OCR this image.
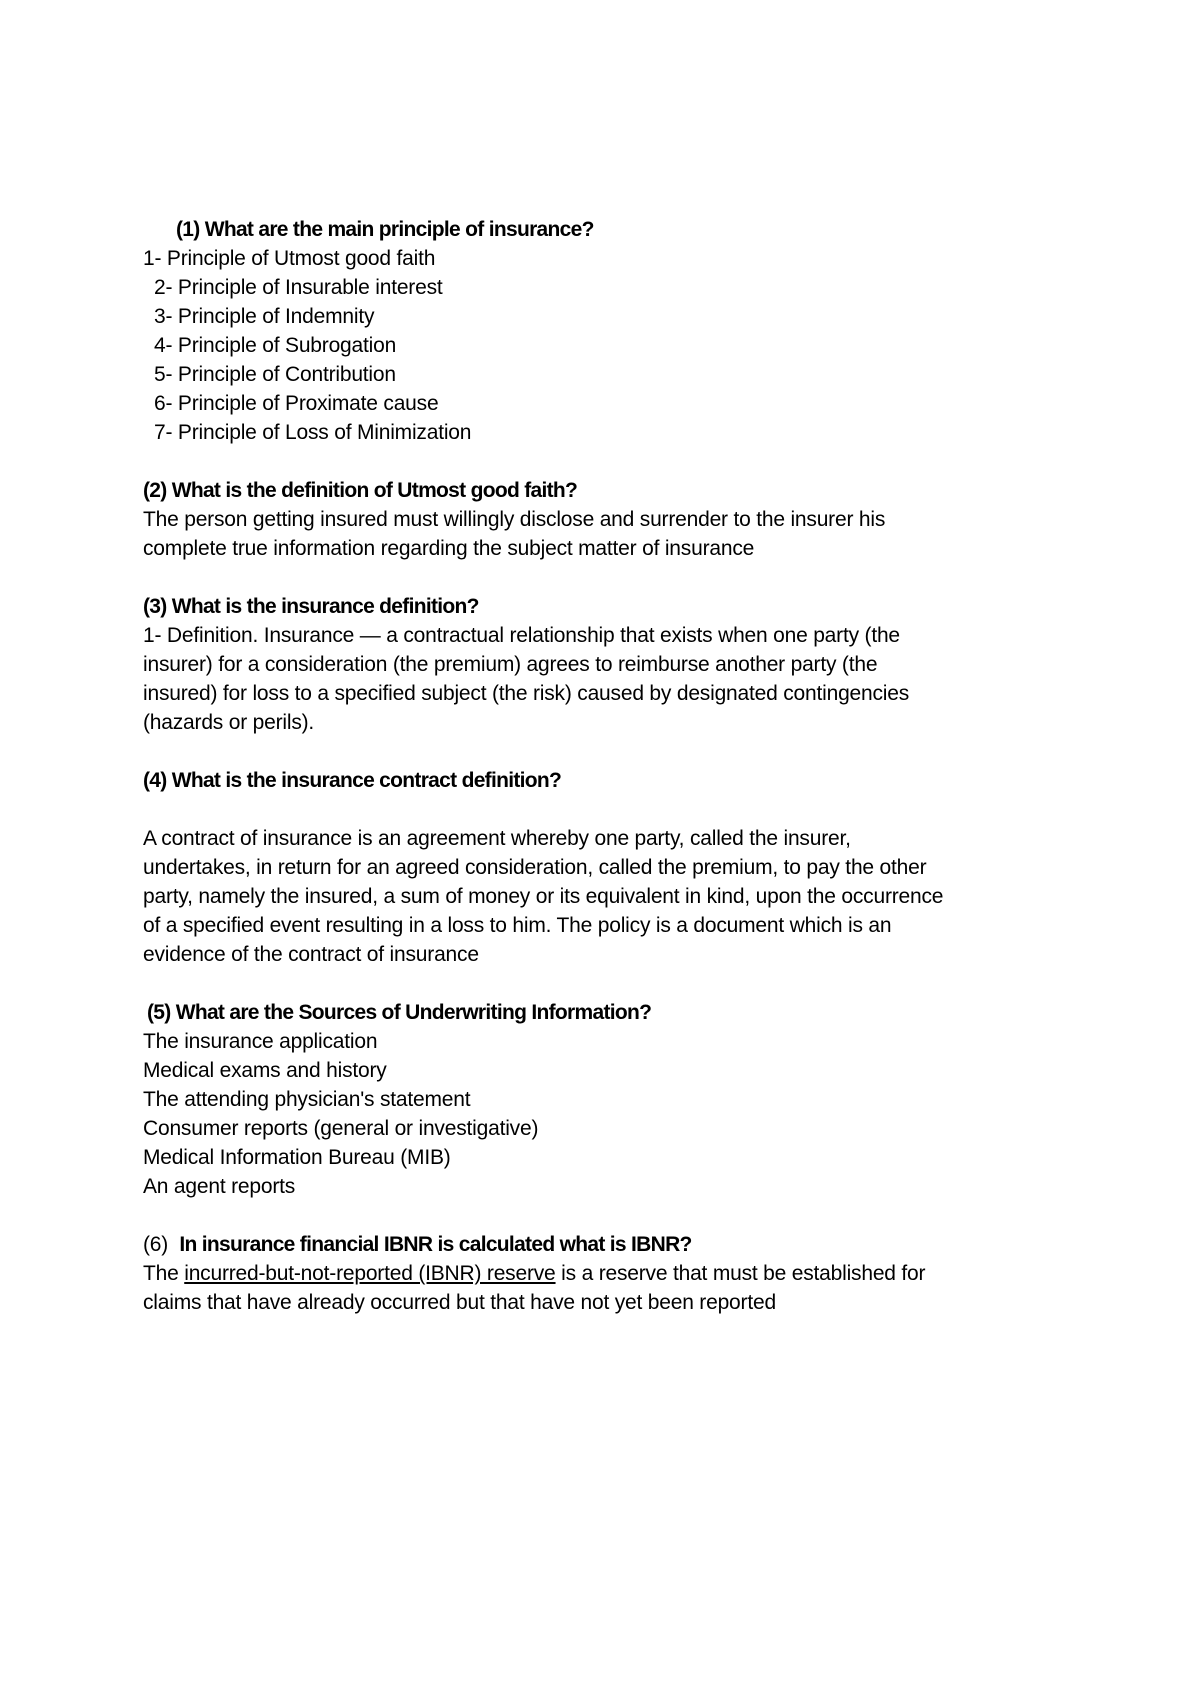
(1) What are the main principle of insurance?

1- Principle of Utmost good faith

2- Principle of Insurable interest

3- Principle of Indemnity

4- Principle of Subrogation

5- Principle of Contribution

6- Principle of Proximate cause

7- Principle of Loss of Minimization

(2) What is the definition of Utmost good faith?

The person getting insured must willingly disclose and surrender to the insurer his

complete true information regarding the subject matter of insurance

(3) What is the insurance definition?

1- Definition. Insurance — a contractual relationship that exists when one party (the

insurer) for a consideration (the premium) agrees to reimburse another party (the

insured) for loss to a specified subject (the risk) caused by designated contingencies

(hazards or perils).

(4) What is the insurance contract definition?

A contract of insurance is an agreement whereby one party, called the insurer,

undertakes, in return for an agreed consideration, called the premium, to pay the other

party, namely the insured, a sum of money or its equivalent in kind, upon the occurrence

of a specified event resulting in a loss to him. The policy is a document which is an

evidence of the contract of insurance

(5) What are the Sources of Underwriting Information?

The insurance application

Medical exams and history

The attending physician's statement

Consumer reports (general or investigative)

Medical Information Bureau (MIB)

An agent reports

(6) In insurance financial IBNR is calculated what is IBNR?

The incurred-but-not-reported (IBNR) reserve is a reserve that must be established for

claims that have already occurred but that have not yet been reported
